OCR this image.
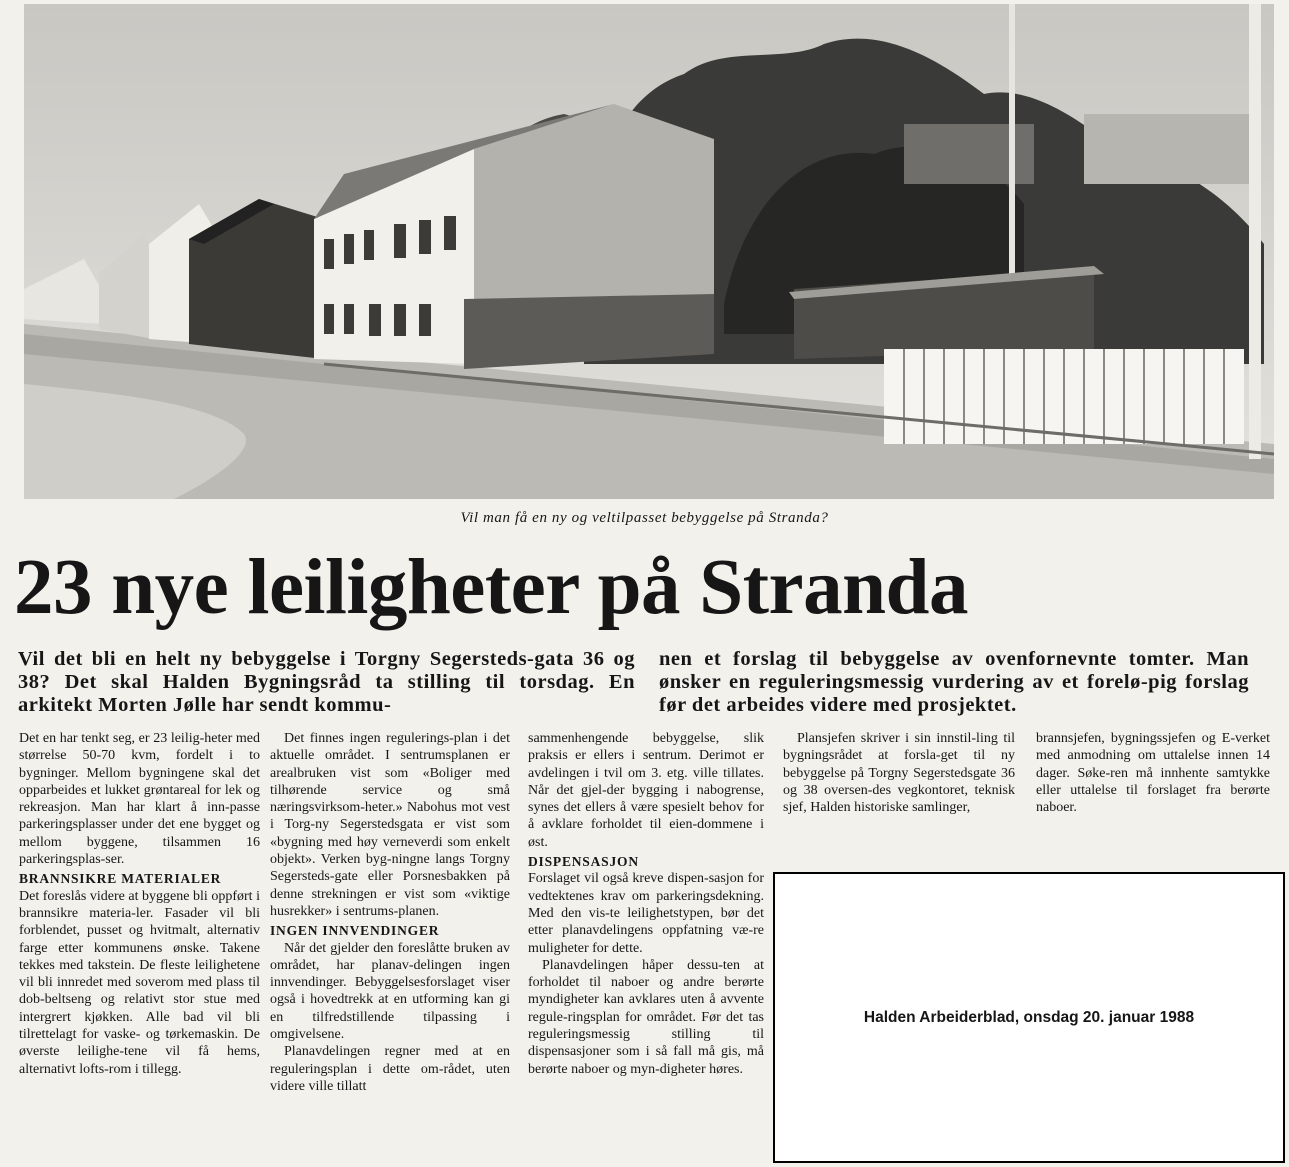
Vil man få en ny og veltilpasset bebyggelse på Stranda?
23 nye leiligheter på Stranda

Vil det bli en helt ny bebyggelse i Torgny Segersteds-gata 36 og 38? Det skal Halden Bygningsråd ta stilling til torsdag. En arkitekt Morten Jølle har sendt kommu-

nen et forslag til bebyggelse av ovenfornevnte tomter. Man ønsker en reguleringsmessig vurdering av et forelø-pig forslag før det arbeides videre med prosjektet.

Det en har tenkt seg, er 23 leilig-heter med størrelse 50-70 kvm, fordelt i to bygninger. Mellom bygningene skal det opparbeides et lukket grøntareal for lek og rekreasjon. Man har klart å inn-passe parkeringsplasser under det ene bygget og mellom byggene, tilsammen 16 parkeringsplas-ser.

BRANNSIKRE MATERIALER

Det foreslås videre at byggene bli oppført i brannsikre materia-ler. Fasader vil bli forblendet, pusset og hvitmalt, alternativ farge etter kommunens ønske. Takene tekkes med takstein. De fleste leilighetene vil bli innredet med soverom med plass til dob-beltseng og relativt stor stue med intergrert kjøkken. Alle bad vil bli tilrettelagt for vaske- og tørkemaskin. De øverste leilighe-tene vil få hems, alternativt lofts-rom i tillegg.

Det finnes ingen regulerings-plan i det aktuelle området. I sentrumsplanen er arealbruken vist som «Boliger med tilhørende service og små næringsvirksom-heter.» Nabohus mot vest i Torg-ny Segerstedsgata er vist som «bygning med høy verneverdi som enkelt objekt». Verken byg-ningne langs Torgny Segersteds-gate eller Porsnesbakken på denne strekningen er vist som «viktige husrekker» i sentrums-planen.

INGEN INNVENDINGER

Når det gjelder den foreslåtte bruken av området, har planav-delingen ingen innvendinger. Bebyggelsesforslaget viser også i hovedtrekk at en utforming kan gi en tilfredstillende tilpassing i omgivelsene.

Planavdelingen regner med at en reguleringsplan i dette om-rådet, uten videre ville tillatt

sammenhengende bebyggelse, slik praksis er ellers i sentrum. Derimot er avdelingen i tvil om 3. etg. ville tillates. Når det gjel-der bygging i nabogrense, synes det ellers å være spesielt behov for å avklare forholdet til eien-dommene i øst.

DISPENSASJON

Forslaget vil også kreve dispen-sasjon for vedtektenes krav om parkeringsdekning. Med den vis-te leilighetstypen, bør det etter planavdelingens oppfatning væ-re muligheter for dette.

Planavdelingen håper dessu-ten at forholdet til naboer og andre berørte myndigheter kan avklares uten å avvente regule-ringsplan for området. Før det tas reguleringsmessig stilling til dispensasjoner som i så fall må gis, må berørte naboer og myn-digheter høres.

Plansjefen skriver i sin innstil-ling til bygningsrådet at forsla-get til ny bebyggelse på Torgny Segerstedsgate 36 og 38 oversen-des vegkontoret, teknisk sjef, Halden historiske samlinger,

brannsjefen, bygningssjefen og E-verket med anmodning om uttalelse innen 14 dager. Søke-ren må innhente samtykke eller uttalelse til forslaget fra berørte naboer.

Halden Arbeiderblad, onsdag 20. januar 1988
